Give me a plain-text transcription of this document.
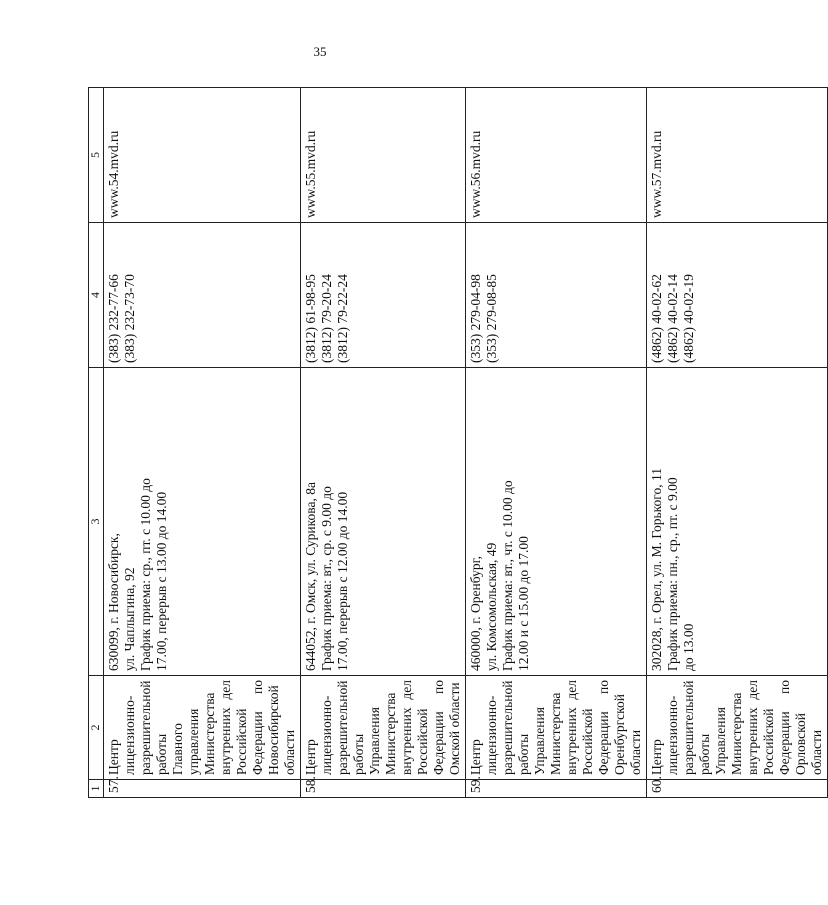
35
1	2	3	4	5
57.	Центр лицензионно-разрешительной работы Главного управления Министерства внутренних дел Российской Федерации по Новосибирской области	630099, г. Новосибирск, ул. Чаплыгина, 92 График приема: ср., пт. с 10.00 до 17.00, перерыв с 13.00 до 14.00	(383) 232-77-66 (383) 232-73-70	www.54.mvd.ru

58.	Центр лицензионно-разрешительной работы Управления Министерства внутренних дел Российской Федерации по Омской области	644052, г. Омск, ул. Сурикова, 8а График приема: вт., ср. с 9.00 до 17.00, перерыв с 12.00 до 14.00	(3812) 61-98-95 (3812) 79-20-24 (3812) 79-22-24	www.55.mvd.ru

59.	Центр лицензионно-разрешительной работы Управления Министерства внутренних дел Российской Федерации по Оренбургской области	460000, г. Оренбург, ул. Комсомольская, 49 График приема: вт., чт. с 10.00 до 12.00 и с 15.00 до 17.00	(353) 279-04-98 (353) 279-08-85	www.56.mvd.ru

60.	Центр лицензионно-разрешительной работы Управления Министерства внутренних дел Российской Федерации по Орловской области	302028, г. Орел, ул. М. Горького, 11 График приема: пн., ср., пт. с 9.00 до 13.00	(4862) 40-02-62 (4862) 40-02-14 (4862) 40-02-19	www.57.mvd.ru
